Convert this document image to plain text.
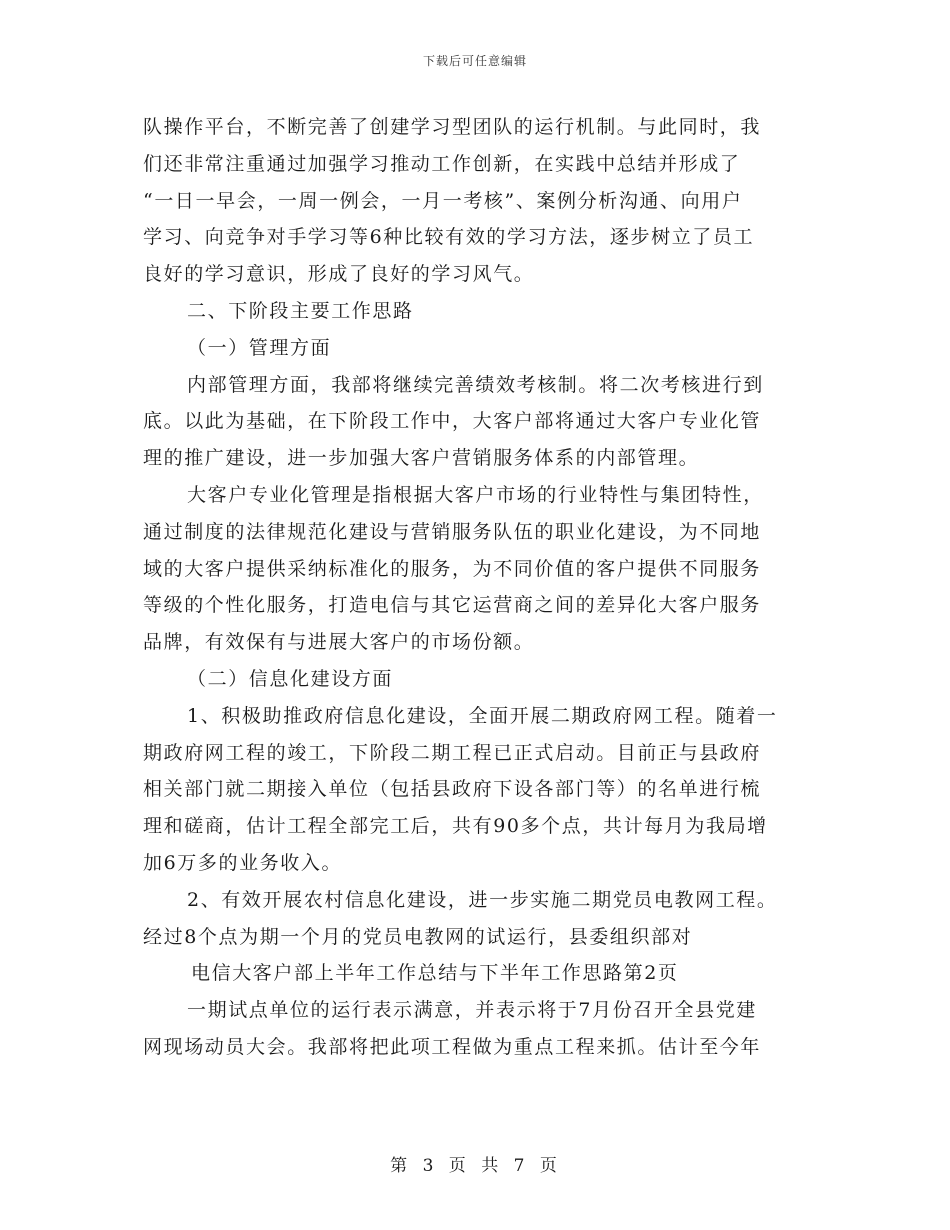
下载后可任意编辑
队操作平台，不断完善了创建学习型团队的运行机制。与此同时，我
们还非常注重通过加强学习推动工作创新，在实践中总结并形成了
“一日一早会，一周一例会，一月一考核”、案例分析沟通、向用户
学习、向竞争对手学习等6种比较有效的学习方法，逐步树立了员工
良好的学习意识，形成了良好的学习风气。
二、下阶段主要工作思路
（一）管理方面
内部管理方面，我部将继续完善绩效考核制。将二次考核进行到
底。以此为基础，在下阶段工作中，大客户部将通过大客户专业化管
理的推广建设，进一步加强大客户营销服务体系的内部管理。
大客户专业化管理是指根据大客户市场的行业特性与集团特性，
通过制度的法律规范化建设与营销服务队伍的职业化建设，为不同地
域的大客户提供采纳标准化的服务，为不同价值的客户提供不同服务
等级的个性化服务，打造电信与其它运营商之间的差异化大客户服务
品牌，有效保有与进展大客户的市场份额。
（二）信息化建设方面
1、积极助推政府信息化建设，全面开展二期政府网工程。随着一
期政府网工程的竣工，下阶段二期工程已正式启动。目前正与县政府
相关部门就二期接入单位（包括县政府下设各部门等）的名单进行梳
理和磋商，估计工程全部完工后，共有90多个点，共计每月为我局增
加6万多的业务收入。
2、有效开展农村信息化建设，进一步实施二期党员电教网工程。
经过8个点为期一个月的党员电教网的试运行，县委组织部对
电信大客户部上半年工作总结与下半年工作思路第2页
一期试点单位的运行表示满意，并表示将于7月份召开全县党建
网现场动员大会。我部将把此项工程做为重点工程来抓。估计至今年
第 3 页 共 7 页
